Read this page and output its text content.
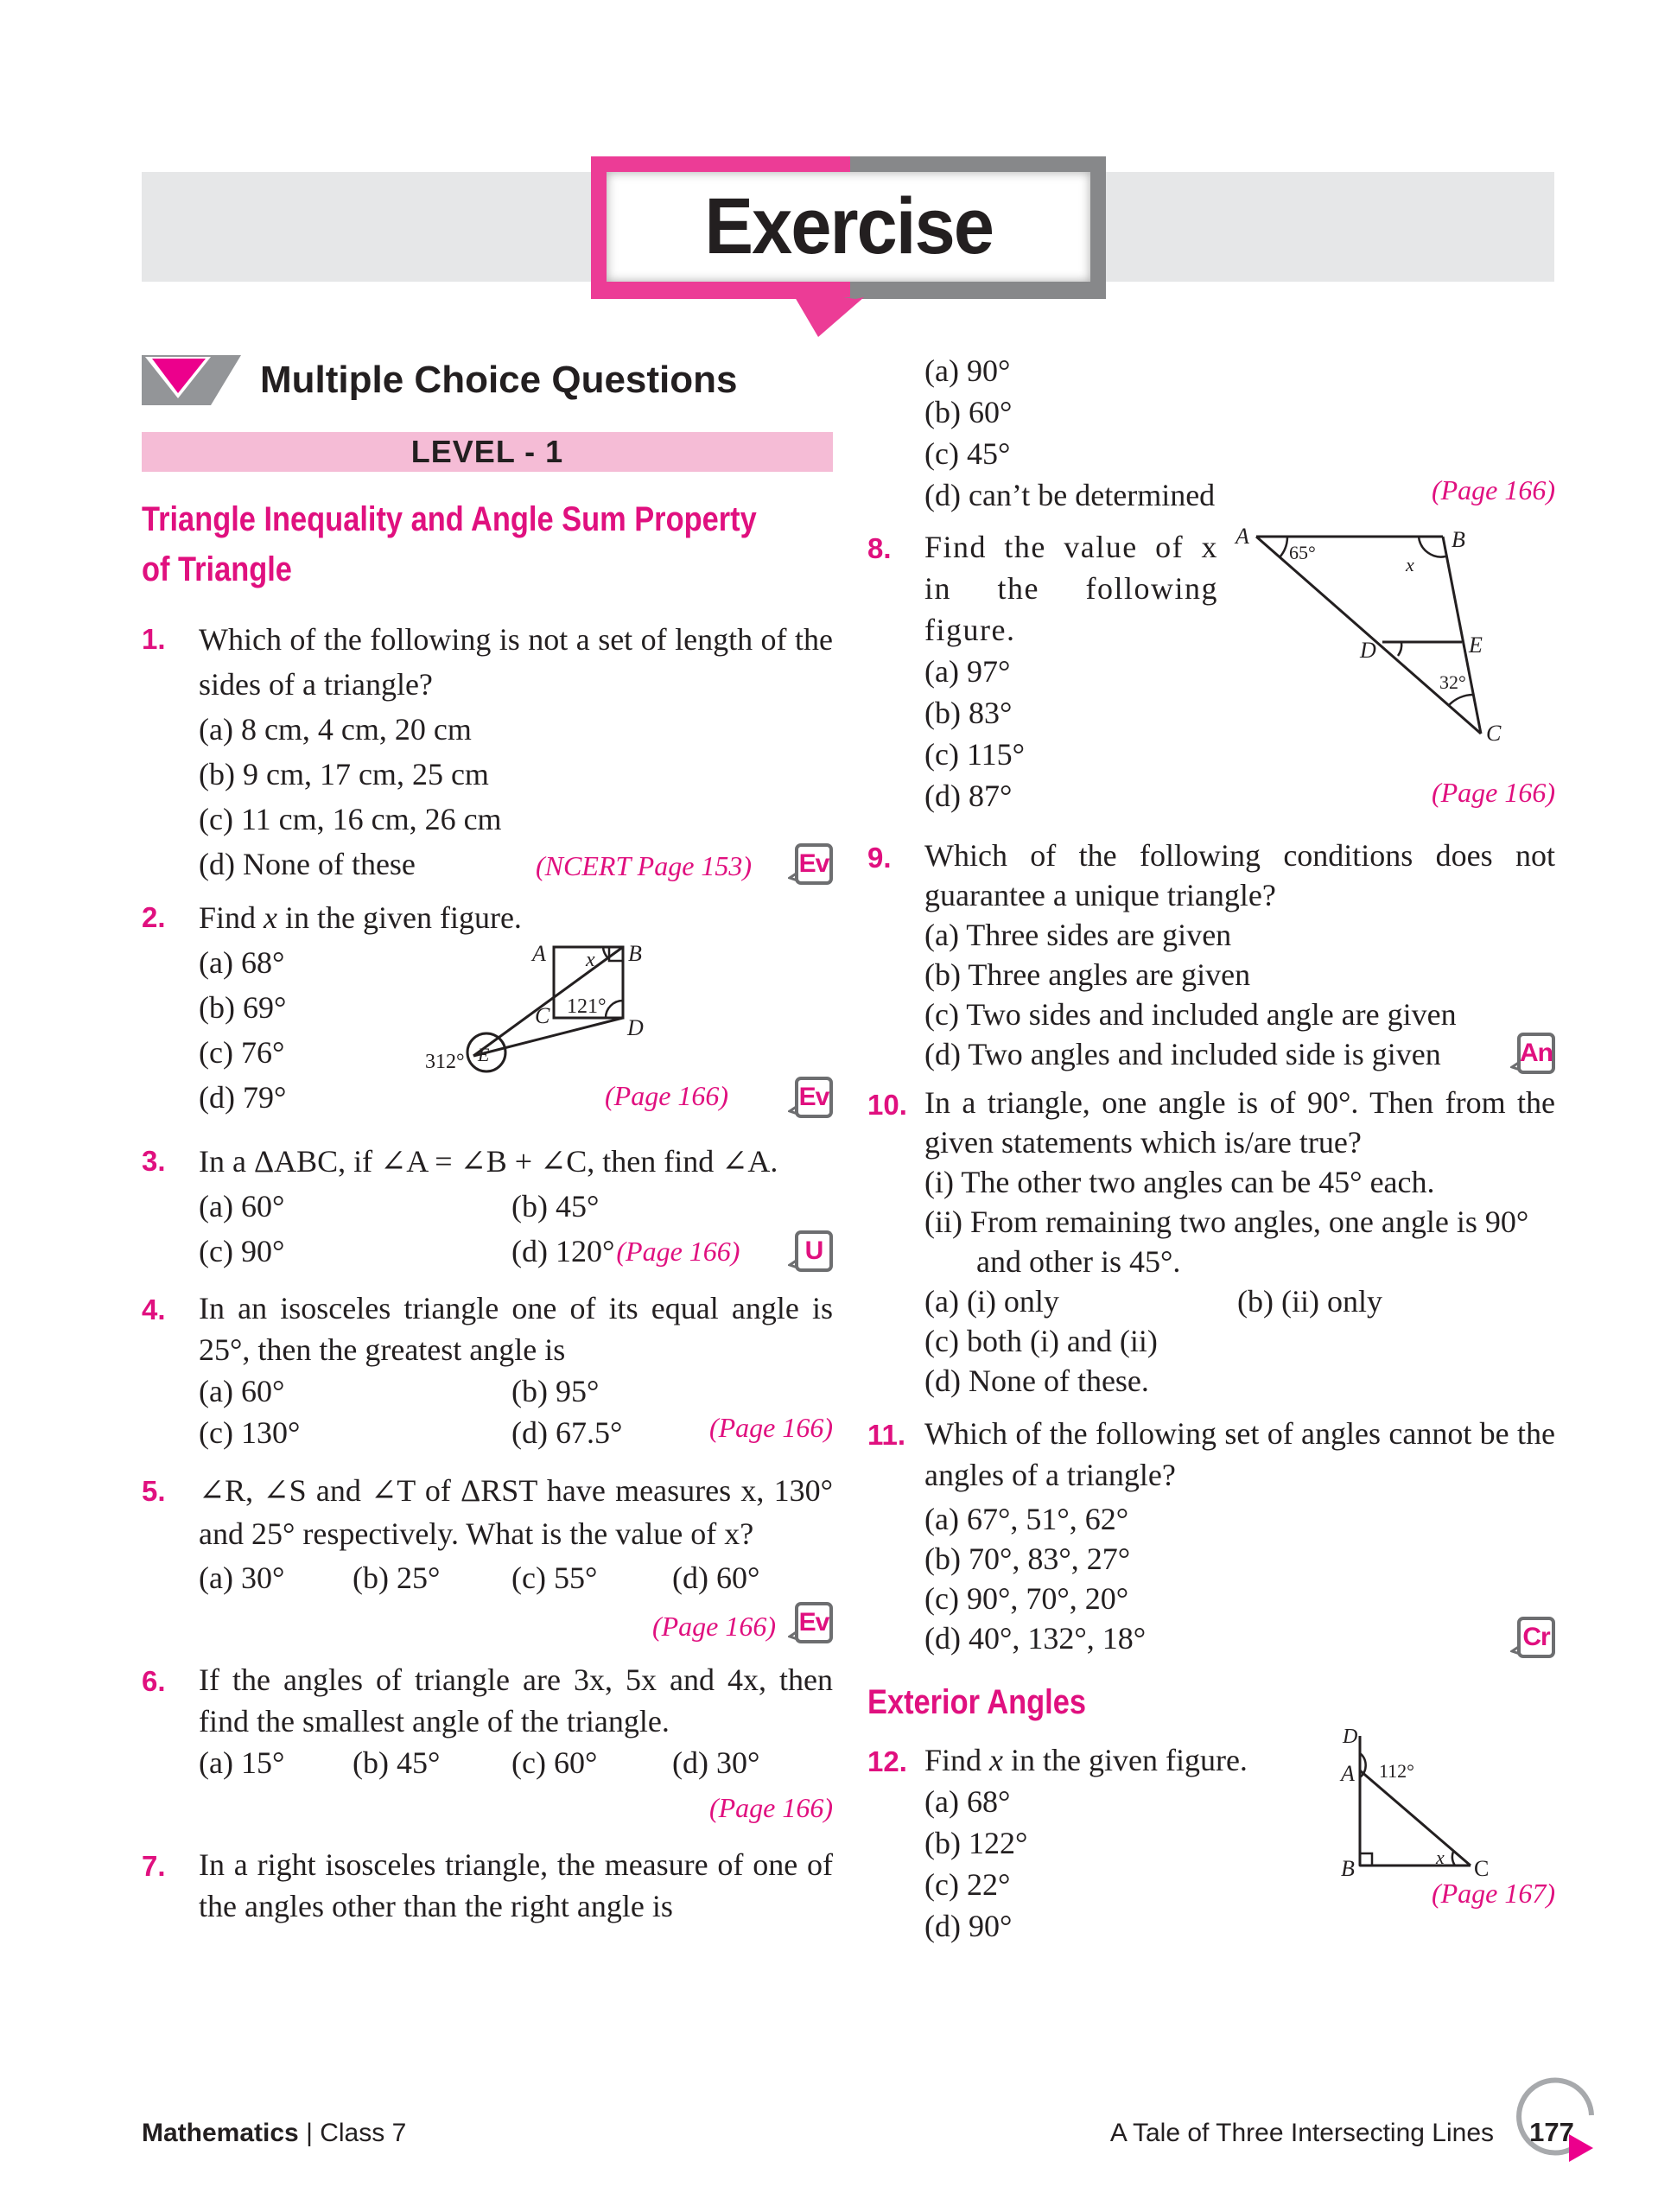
Exercise
Multiple Choice Questions
LEVEL - 1
Triangle Inequality and Angle Sum Property
of Triangle
1. Which of the following is not a set of length of the sides of a triangle?
(a) 8 cm, 4 cm, 20 cm
(b) 9 cm, 17 cm, 25 cm
(c) 11 cm, 16 cm, 26 cm
(d) None of these	(NCERT Page 153) Ev
2. Find x in the given figure.
(a) 68°
(b) 69°
(c) 76°
(d) 79°
A	B
x
C	D
121°
E
312°
(Page 166)	Ev
3. In a ΔABC, if ∠A = ∠B + ∠C, then find ∠A.
(a) 60°	(b) 45°
(c) 90°	(d) 120° (Page 166)	U
4. In an isosceles triangle one of its equal angle is 25°, then the greatest angle is
(a) 60°	(b) 95°
(c) 130°	(d) 67.5°	(Page 166)
5. ∠R, ∠S and ∠T of ΔRST have measures x, 130° and 25° respectively. What is the value of x?
(a) 30°	(b) 25°	(c) 55°	(d) 60°
(Page 166) Ev
6. If the angles of triangle are 3x, 5x and 4x, then find the smallest angle of the triangle.
(a) 15°	(b) 45°	(c) 60°	(d) 30°
(Page 166)
7. In a right isosceles triangle, the measure of one of the angles other than the right angle is
(a) 90°
(b) 60°
(c) 45°
(d) can’t be determined	(Page 166)
8. Find the value of x in the following figure.
(a) 97°
(b) 83°
(c) 115°
(d) 87°
A	B
65°
x
D	E
32°
C
(Page 166)
9. Which of the following conditions does not guarantee a unique triangle?
(a) Three sides are given
(b) Three angles are given
(c) Two sides and included angle are given
(d) Two angles and included side is given	An
10. In a triangle, one angle is of 90°. Then from the given statements which is/are true?
(i) The other two angles can be 45° each.
(ii) From remaining two angles, one angle is 90° and other is 45°.
(a) (i) only	(b) (ii) only
(c) both (i) and (ii)
(d) None of these.
11. Which of the following set of angles cannot be the angles of a triangle?
(a) 67°, 51°, 62°
(b) 70°, 83°, 27°
(c) 90°, 70°, 20°
(d) 40°, 132°, 18°	Cr
Exterior Angles
12. Find x in the given figure.
(a) 68°
(b) 122°
(c) 22°
(d) 90°
D
A 112°
B	x C
(Page 167)
Mathematics | Class 7	A Tale of Three Intersecting Lines	177
